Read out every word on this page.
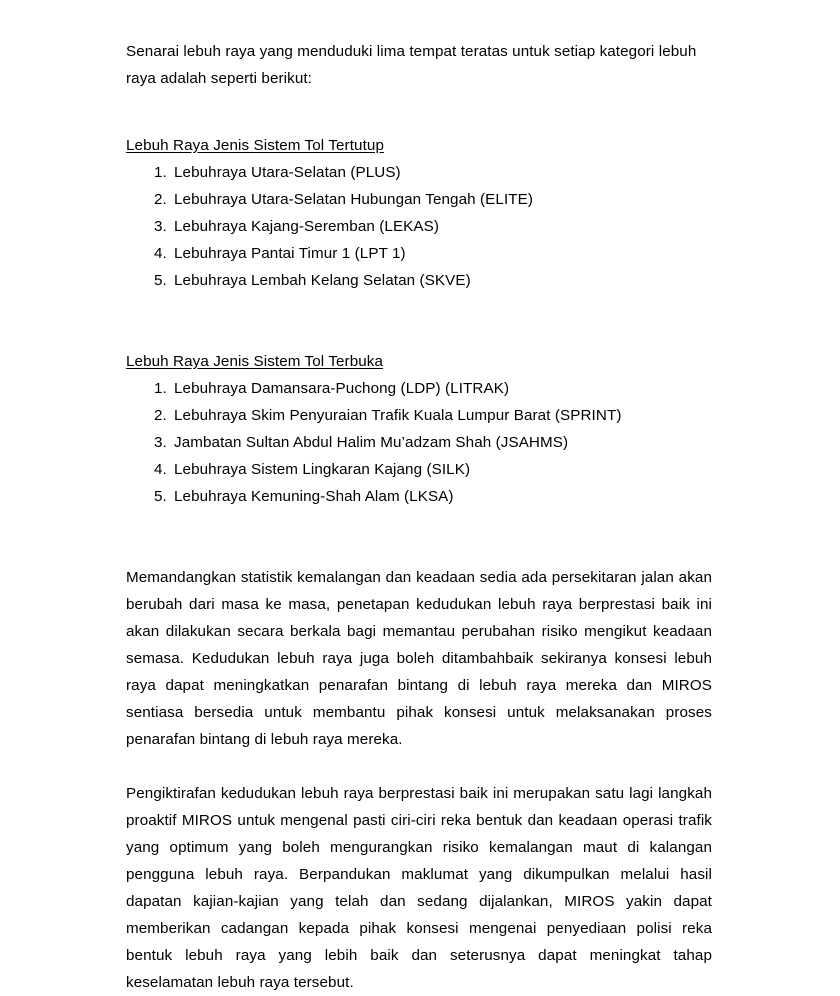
Senarai lebuh raya yang menduduki lima tempat teratas untuk setiap kategori lebuh raya adalah seperti berikut:

Lebuh Raya Jenis Sistem Tol Tertutup
Lebuhraya Utara-Selatan (PLUS)
Lebuhraya Utara-Selatan Hubungan Tengah (ELITE)
Lebuhraya Kajang-Seremban (LEKAS)
Lebuhraya Pantai Timur 1 (LPT 1)
Lebuhraya Lembah Kelang Selatan (SKVE)
Lebuh Raya Jenis Sistem Tol Terbuka
Lebuhraya Damansara-Puchong (LDP) (LITRAK)
Lebuhraya Skim Penyuraian Trafik Kuala Lumpur Barat (SPRINT)
Jambatan Sultan Abdul Halim Mu’adzam Shah (JSAHMS)
Lebuhraya Sistem Lingkaran Kajang (SILK)
Lebuhraya Kemuning-Shah Alam (LKSA)

Memandangkan statistik kemalangan dan keadaan sedia ada persekitaran jalan akan berubah dari masa ke masa, penetapan kedudukan lebuh raya berprestasi baik ini akan dilakukan secara berkala bagi memantau perubahan risiko mengikut keadaan semasa. Kedudukan lebuh raya juga boleh ditambahbaik sekiranya konsesi lebuh raya dapat meningkatkan penarafan bintang di lebuh raya mereka dan MIROS sentiasa bersedia untuk membantu pihak konsesi untuk melaksanakan proses penarafan bintang di lebuh raya mereka.

Pengiktirafan kedudukan lebuh raya berprestasi baik ini merupakan satu lagi langkah proaktif MIROS untuk mengenal pasti ciri-ciri reka bentuk dan keadaan operasi trafik yang optimum yang boleh mengurangkan risiko kemalangan maut di kalangan pengguna lebuh raya. Berpandukan maklumat yang dikumpulkan melalui hasil dapatan kajian-kajian yang telah dan sedang dijalankan, MIROS yakin dapat memberikan cadangan kepada pihak konsesi mengenai penyediaan polisi reka bentuk lebuh raya yang lebih baik dan seterusnya dapat meningkat tahap keselamatan lebuh raya tersebut.
